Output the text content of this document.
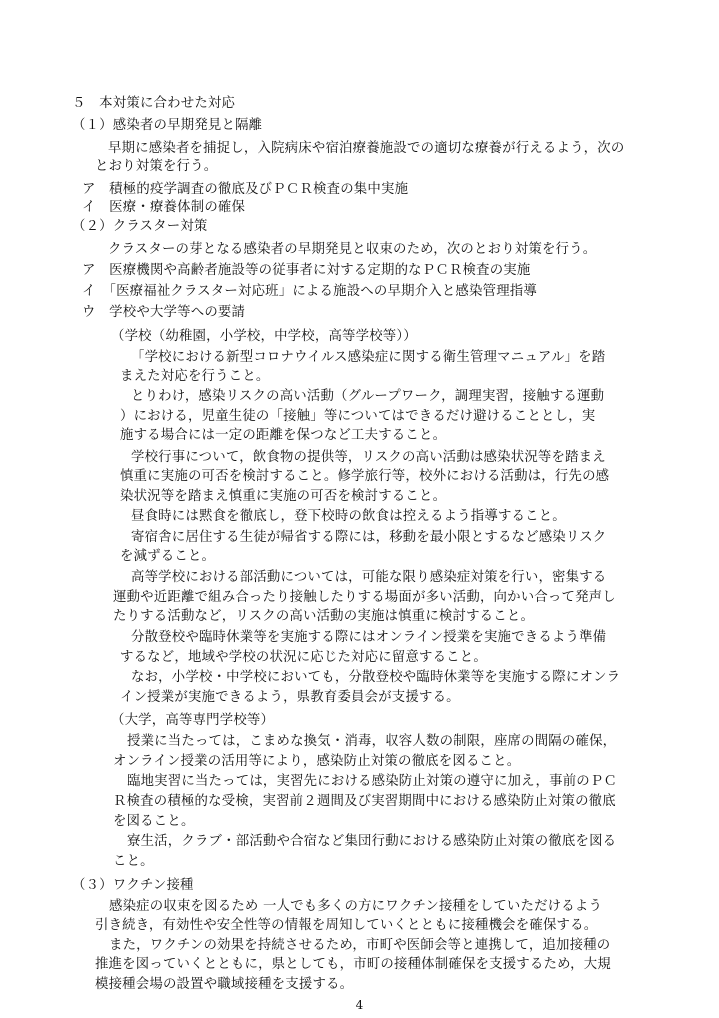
５　本対策に合わせた対応
（１）感染者の早期発見と隔離
早期に感染者を捕捉し，入院病床や宿泊療養施設での適切な療養が行えるよう，次の
とおり対策を行う。
ア　積極的疫学調査の徹底及びＰＣＲ検査の集中実施
イ　医療・療養体制の確保
（２）クラスター対策
クラスターの芽となる感染者の早期発見と収束のため，次のとおり対策を行う。
ア　医療機関や高齢者施設等の従事者に対する定期的なＰＣＲ検査の実施
イ　「医療福祉クラスター対応班」による施設への早期介入と感染管理指導
ウ　学校や大学等への要請
（学校（幼稚園，小学校，中学校，高等学校等））
「学校における新型コロナウイルス感染症に関する衛生管理マニュアル」を踏
まえた対応を行うこと。
とりわけ，感染リスクの高い活動（グループワーク，調理実習，接触する運動
）における，児童生徒の「接触」等についてはできるだけ避けることとし，実
施する場合には一定の距離を保つなど工夫すること。
学校行事について，飲食物の提供等，リスクの高い活動は感染状況等を踏まえ
慎重に実施の可否を検討すること。修学旅行等，校外における活動は，行先の感
染状況等を踏まえ慎重に実施の可否を検討すること。
昼食時には黙食を徹底し，登下校時の飲食は控えるよう指導すること。
寄宿舎に居住する生徒が帰省する際には，移動を最小限とするなど感染リスク
を減ずること。
高等学校における部活動については，可能な限り感染症対策を行い，密集する
運動や近距離で組み合ったり接触したりする場面が多い活動，向かい合って発声し
たりする活動など，リスクの高い活動の実施は慎重に検討すること。
分散登校や臨時休業等を実施する際にはオンライン授業を実施できるよう準備
するなど，地域や学校の状況に応じた対応に留意すること。
なお，小学校・中学校においても，分散登校や臨時休業等を実施する際にオンラ
イン授業が実施できるよう，県教育委員会が支援する。
（大学，高等専門学校等）
授業に当たっては，こまめな換気・消毒，収容人数の制限，座席の間隔の確保，
オンライン授業の活用等により，感染防止対策の徹底を図ること。
臨地実習に当たっては，実習先における感染防止対策の遵守に加え，事前のＰＣ
Ｒ検査の積極的な受検，実習前２週間及び実習期間中における感染防止対策の徹底
を図ること。
寮生活，クラブ・部活動や合宿など集団行動における感染防止対策の徹底を図る
こと。
（３）ワクチン接種
感染症の収束を図るため 一人でも多くの方にワクチン接種をしていただけるよう
引き続き，有効性や安全性等の情報を周知していくとともに接種機会を確保する。
また，ワクチンの効果を持続させるため，市町や医師会等と連携して，追加接種の
推進を図っていくとともに，県としても，市町の接種体制確保を支援するため，大規
模接種会場の設置や職域接種を支援する。
4
